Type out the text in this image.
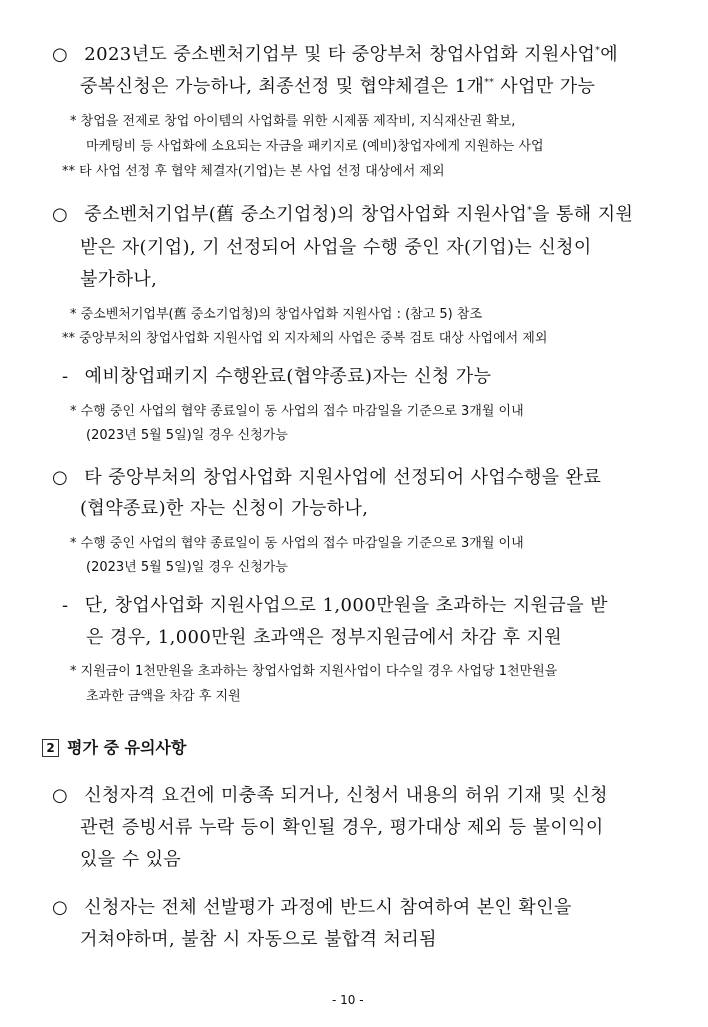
○ 2023년도 중소벤처기업부 및 타 중앙부처 창업사업화 지원사업*에
중복신청은 가능하나, 최종선정 및 협약체결은 1개** 사업만 가능
* 창업을 전제로 창업 아이템의 사업화를 위한 시제품 제작비, 지식재산권 확보,
마케팅비 등 사업화에 소요되는 자금을 패키지로 (예비)창업자에게 지원하는 사업
** 타 사업 선정 후 협약 체결자(기업)는 본 사업 선정 대상에서 제외
○ 중소벤처기업부(舊 중소기업청)의 창업사업화 지원사업*을 통해 지원
받은 자(기업), 기 선정되어 사업을 수행 중인 자(기업)는 신청이
불가하나,
* 중소벤처기업부(舊 중소기업청)의 창업사업화 지원사업 : (참고 5) 참조
** 중앙부처의 창업사업화 지원사업 외 지자체의 사업은 중복 검토 대상 사업에서 제외
- 예비창업패키지 수행완료(협약종료)자는 신청 가능
* 수행 중인 사업의 협약 종료일이 동 사업의 접수 마감일을 기준으로 3개월 이내
(2023년 5월 5일)일 경우 신청가능
○ 타 중앙부처의 창업사업화 지원사업에 선정되어 사업수행을 완료
(협약종료)한 자는 신청이 가능하나,
* 수행 중인 사업의 협약 종료일이 동 사업의 접수 마감일을 기준으로 3개월 이내
(2023년 5월 5일)일 경우 신청가능
- 단, 창업사업화 지원사업으로 1,000만원을 초과하는 지원금을 받
은 경우, 1,000만원 초과액은 정부지원금에서 차감 후 지원
* 지원금이 1천만원을 초과하는 창업사업화 지원사업이 다수일 경우 사업당 1천만원을
초과한 금액을 차감 후 지원
2 평가 중 유의사항
○ 신청자격 요건에 미충족 되거나, 신청서 내용의 허위 기재 및 신청
관련 증빙서류 누락 등이 확인될 경우, 평가대상 제외 등 불이익이
있을 수 있음
○ 신청자는 전체 선발평가 과정에 반드시 참여하여 본인 확인을
거쳐야하며, 불참 시 자동으로 불합격 처리됨
- 10 -
